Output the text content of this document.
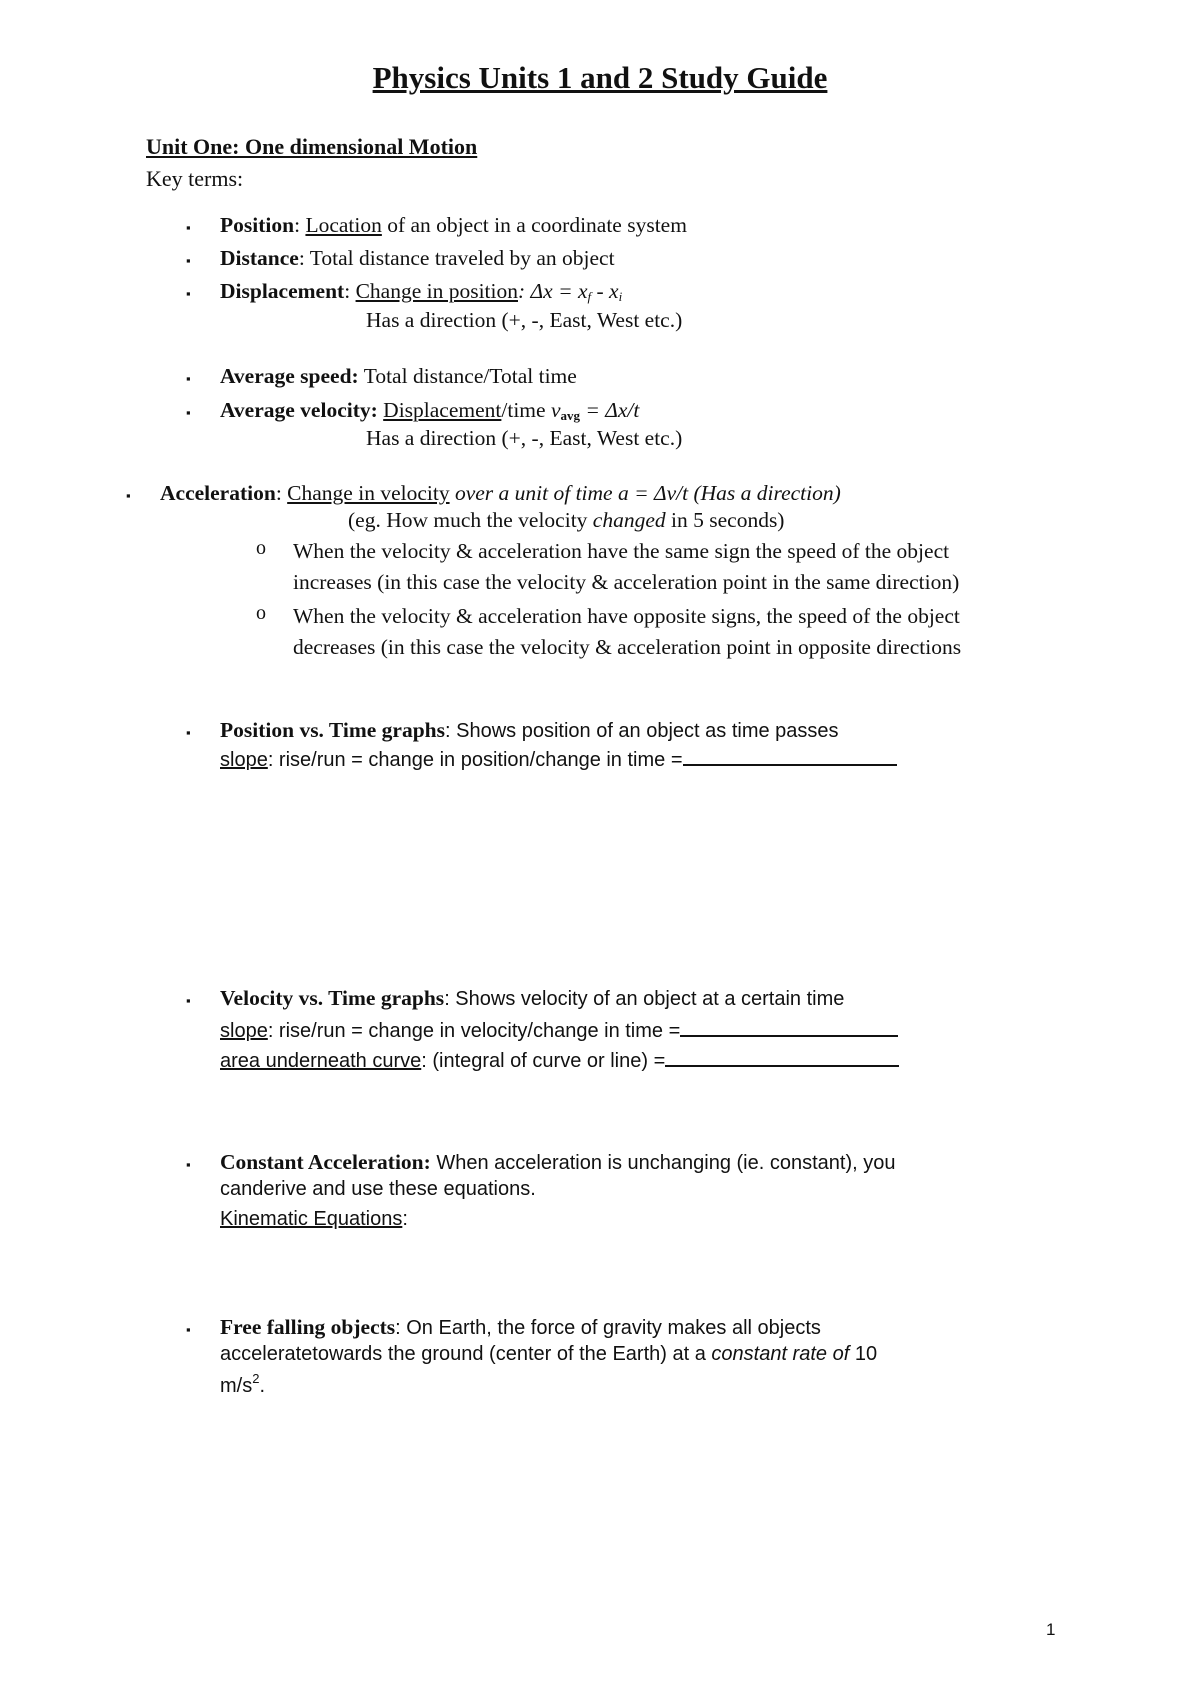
Physics Units 1 and 2 Study Guide
Unit One: One dimensional Motion
Key terms:
▪ Position: Location of an object in a coordinate system
▪ Distance: Total distance traveled by an object
▪ Displacement: Change in position: $\Delta x = x_f - x_i$
Has a direction (+, -, East, West etc.)
▪ Average speed: Total distance/Total time
▪ Average velocity: Displacement/time $v_{avg} = \Delta x/t$
Has a direction (+, -, East, West etc.)
▪ Acceleration: Change in velocity over a unit of time a = Δv/t (Has a direction)
(eg. How much the velocity changed in 5 seconds)
o When the velocity & acceleration have the same sign the speed of the object
increases (in this case the velocity & acceleration point in the same direction)
o When the velocity & acceleration have opposite signs, the speed of the object
decreases (in this case the velocity & acceleration point in opposite directions
▪ Position vs. Time graphs: Shows position of an object as time passes
slope: rise/run = change in position/change in time =
▪ Velocity vs. Time graphs: Shows velocity of an object at a certain time
slope: rise/run = change in velocity/change in time =
area underneath curve: (integral of curve or line) =
▪ Constant Acceleration: When acceleration is unchanging (ie. constant), you
canderive and use these equations.
Kinematic Equations:
▪ Free falling objects: On Earth, the force of gravity makes all objects
acceleratetowards the ground (center of the Earth) at a constant rate of 10
$m/s^2$.
1
